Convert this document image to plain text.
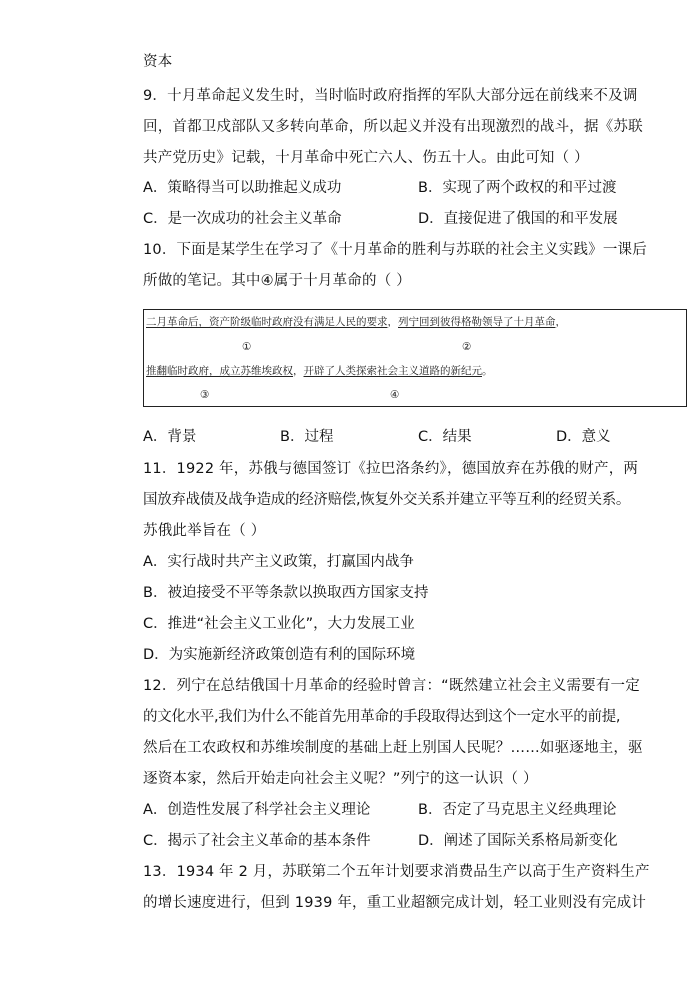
资本
9．十月革命起义发生时，当时临时政府指挥的军队大部分远在前线来不及调
回，首都卫戍部队又多转向革命，所以起义并没有出现激烈的战斗，据《苏联
共产党历史》记载，十月革命中死亡六人、伤五十人。由此可知（ ）
A．策略得当可以助推起义成功	B．实现了两个政权的和平过渡
C．是一次成功的社会主义革命	D．直接促进了俄国的和平发展
10．下面是某学生在学习了《十月革命的胜利与苏联的社会主义实践》一课后
所做的笔记。其中④属于十月革命的（ ）
二月革命后，资产阶级临时政府没有满足人民的要求，列宁回到彼得格勒领导了十月革命，
①	②
推翻临时政府，成立苏维埃政权，开辟了人类探索社会主义道路的新纪元。
③	④
A．背景	B．过程	C．结果	D．意义
11．1922 年，苏俄与德国签订《拉巴洛条约》，德国放弃在苏俄的财产，两
国放弃战债及战争造成的经济赔偿,恢复外交关系并建立平等互利的经贸关系。
苏俄此举旨在（ ）
A．实行战时共产主义政策，打赢国内战争
B．被迫接受不平等条款以换取西方国家支持
C．推进“社会主义工业化”，大力发展工业
D．为实施新经济政策创造有利的国际环境
12．列宁在总结俄国十月革命的经验时曾言：“既然建立社会主义需要有一定
的文化水平,我们为什么不能首先用革命的手段取得达到这个一定水平的前提,
然后在工农政权和苏维埃制度的基础上赶上别国人民呢？……如驱逐地主，驱
逐资本家，然后开始走向社会主义呢？”列宁的这一认识（ ）
A．创造性发展了科学社会主义理论	B．否定了马克思主义经典理论
C．揭示了社会主义革命的基本条件	D．阐述了国际关系格局新变化
13．1934 年 2 月，苏联第二个五年计划要求消费品生产以高于生产资料生产
的增长速度进行，但到 1939 年，重工业超额完成计划，轻工业则没有完成计
